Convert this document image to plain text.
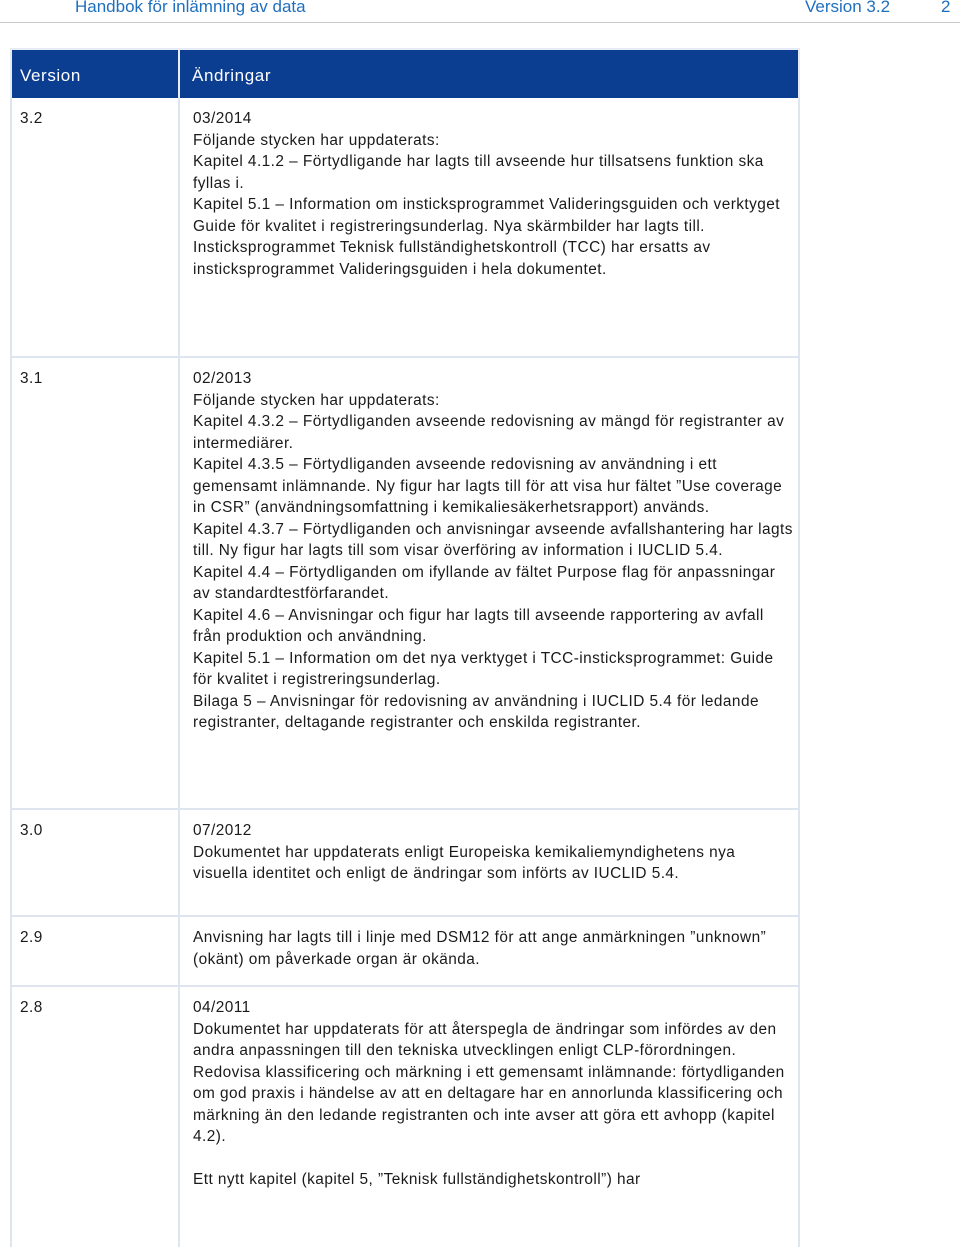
Handbok för inlämning av data	Version 3.2	2
Version	Ändringar
3.2	03/2014

Följande stycken har uppdaterats:

Kapitel 4.1.2 – Förtydligande har lagts till avseende hur tillsatsens funktion ska fyllas i.

Kapitel 5.1 – Information om insticksprogrammet Valideringsguiden och verktyget Guide för kvalitet i registreringsunderlag. Nya skärmbilder har lagts till.

Insticksprogrammet Teknisk fullständighetskontroll (TCC) har ersatts av insticksprogrammet Valideringsguiden i hela dokumentet.

3.1	02/2013

Följande stycken har uppdaterats:

Kapitel 4.3.2 – Förtydliganden avseende redovisning av mängd för registranter av intermediärer.

Kapitel 4.3.5 – Förtydliganden avseende redovisning av användning i ett gemensamt inlämnande. Ny figur har lagts till för att visa hur fältet ”Use coverage in CSR” (användningsomfattning i kemikaliesäkerhetsrapport) används.

Kapitel 4.3.7 – Förtydliganden och anvisningar avseende avfallshantering har lagts till. Ny figur har lagts till som visar överföring av information i IUCLID 5.4.

Kapitel 4.4 – Förtydliganden om ifyllande av fältet Purpose flag för anpassningar av standardtestförfarandet.

Kapitel 4.6 – Anvisningar och figur har lagts till avseende rapportering av avfall från produktion och användning.

Kapitel 5.1 – Information om det nya verktyget i TCC-insticksprogrammet: Guide för kvalitet i registreringsunderlag.

Bilaga 5 – Anvisningar för redovisning av användning i IUCLID 5.4 för ledande registranter, deltagande registranter och enskilda registranter.

3.0	07/2012

Dokumentet har uppdaterats enligt Europeiska kemikaliemyndighetens nya visuella identitet och enligt de ändringar som införts av IUCLID 5.4.

2.9	Anvisning har lagts till i linje med DSM12 för att ange anmärkningen ”unknown” (okänt) om påverkade organ är okända.

2.8	04/2011

Dokumentet har uppdaterats för att återspegla de ändringar som infördes av den andra anpassningen till den tekniska utvecklingen enligt CLP-förordningen. Redovisa klassificering och märkning i ett gemensamt inlämnande: förtydliganden om god praxis i händelse av att en deltagare har en annorlunda klassificering och märkning än den ledande registranten och inte avser att göra ett avhopp (kapitel 4.2).

Ett nytt kapitel (kapitel 5, ”Teknisk fullständighetskontroll”) har
